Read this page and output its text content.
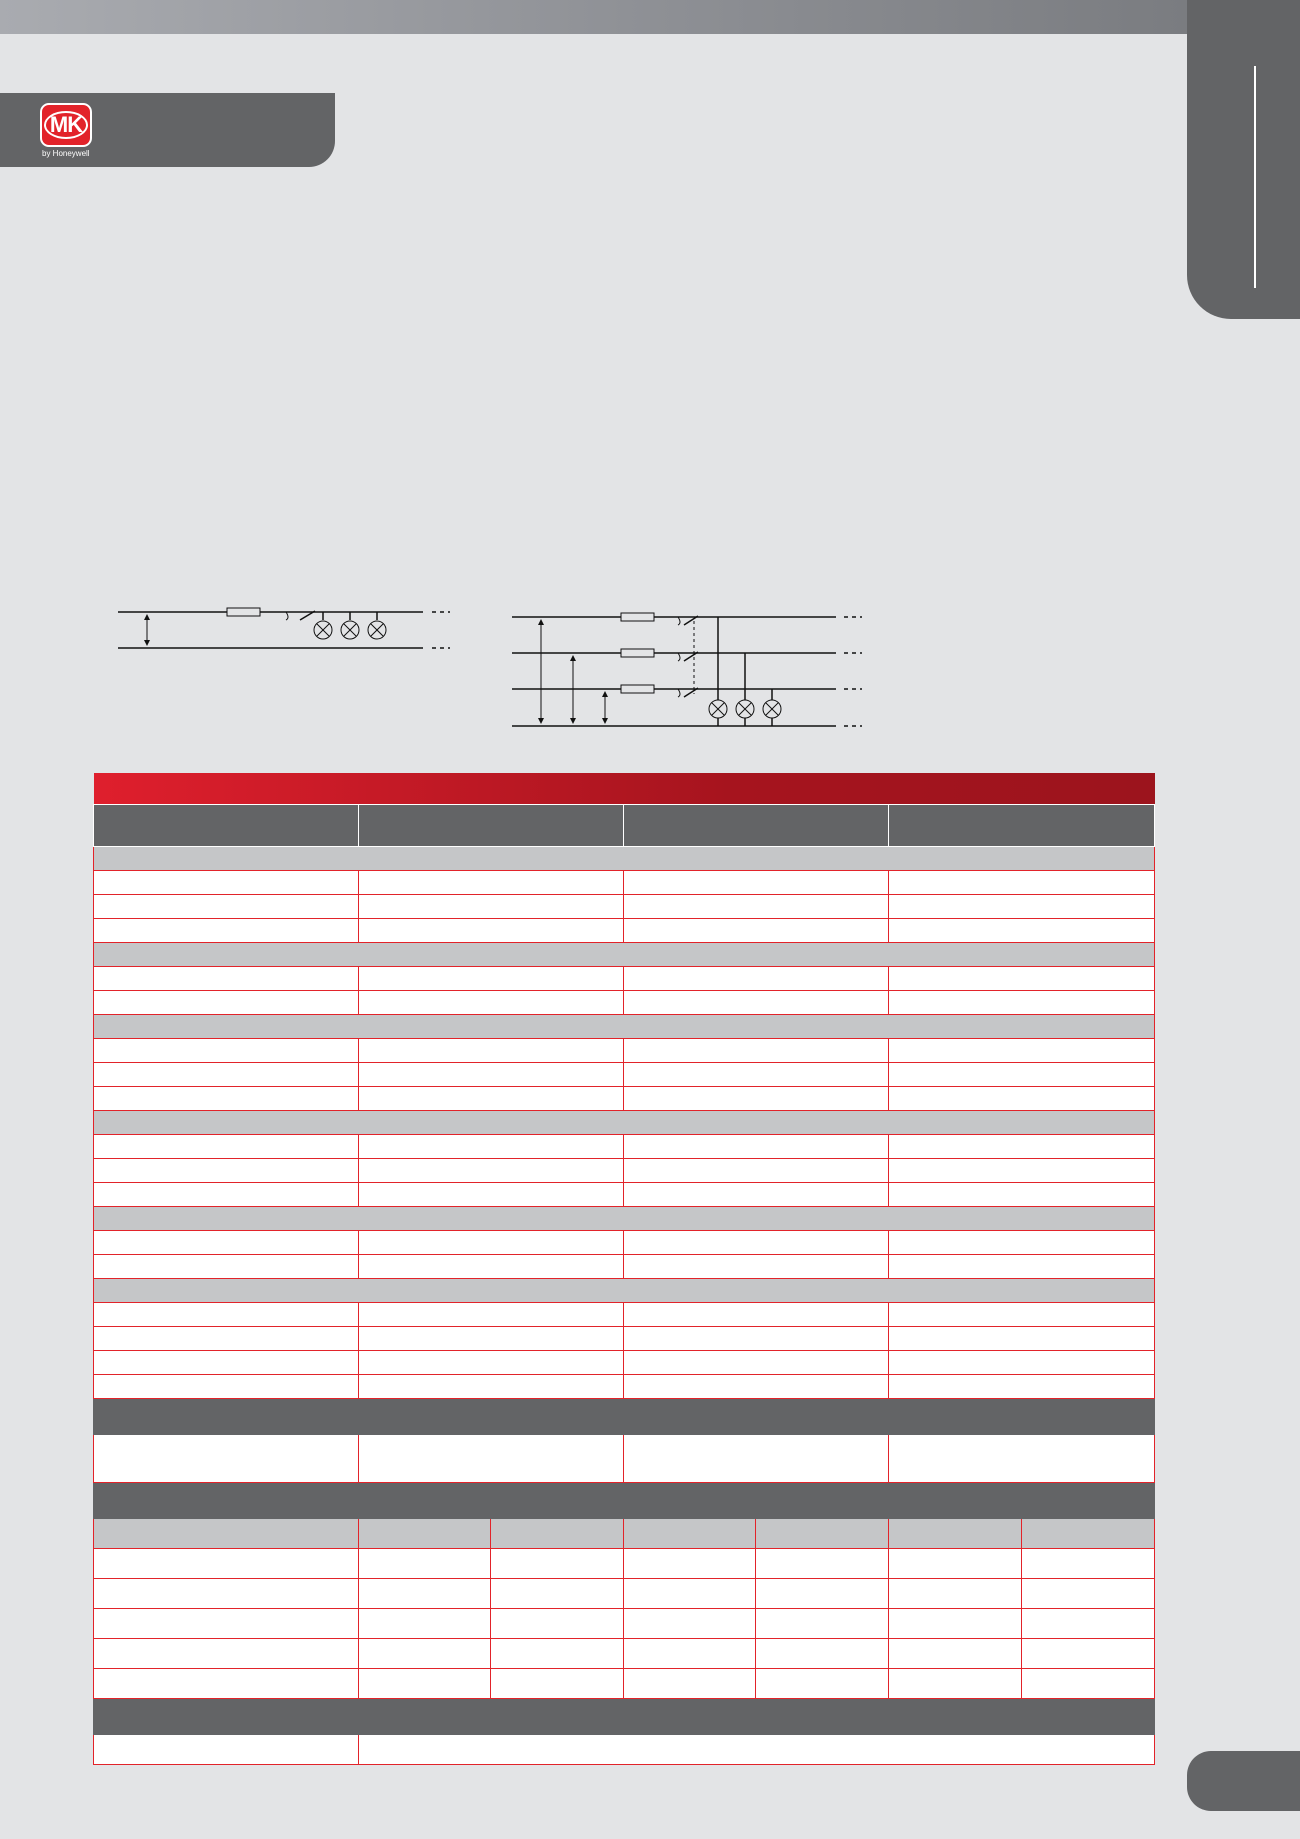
MK
by Honeywell
